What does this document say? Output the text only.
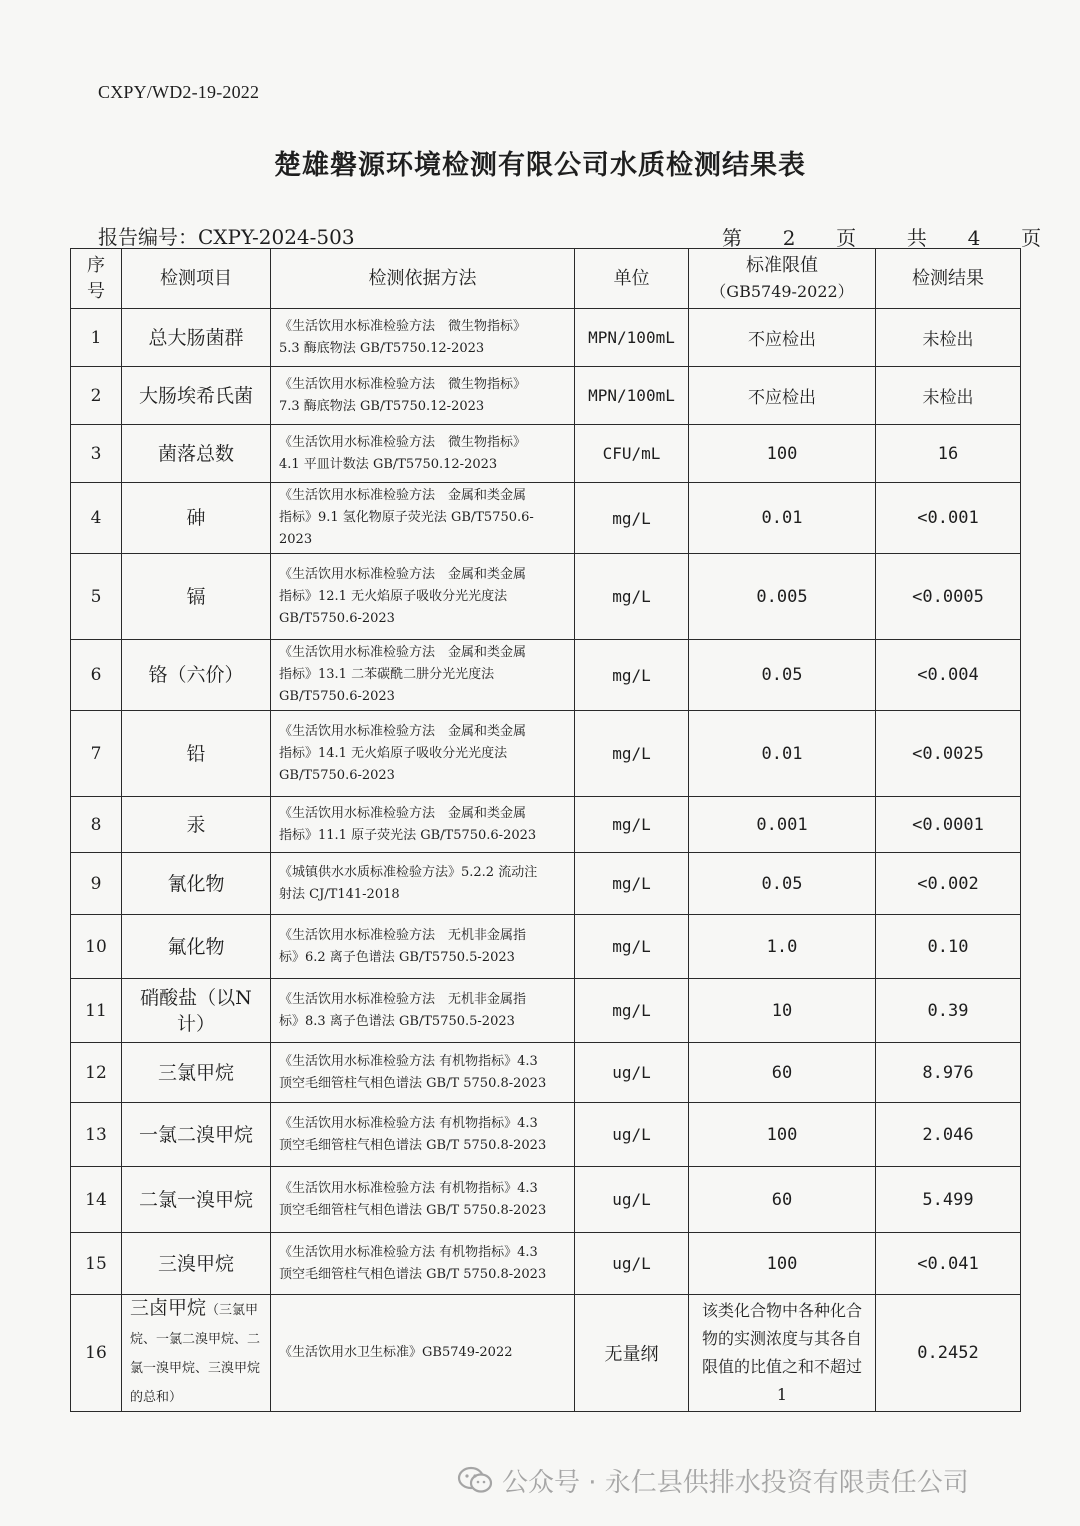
CXPY/WD2-19-2022
楚雄磐源环境检测有限公司水质检测结果表
报告编号：CXPY-2024-503	第 2 页	共 4 页
序号	检测项目	检测依据方法	单位	标准限值
（GB5749-2022）	检测结果
1	总大肠菌群	《生活饮用水标准检验方法　微生物指标》
5.3 酶底物法 GB/T5750.12-2023	MPN/100mL	不应检出	未检出
2	大肠埃希氏菌	《生活饮用水标准检验方法　微生物指标》
7.3 酶底物法 GB/T5750.12-2023	MPN/100mL	不应检出	未检出
3	菌落总数	《生活饮用水标准检验方法　微生物指标》
4.1 平皿计数法 GB/T5750.12-2023	CFU/mL	100	16
4	砷	《生活饮用水标准检验方法　金属和类金属
指标》9.1 氢化物原子荧光法 GB/T5750.6-2023	mg/L	0.01	<0.001
5	镉	《生活饮用水标准检验方法　金属和类金属
指标》12.1 无火焰原子吸收分光光度法
GB/T5750.6-2023	mg/L	0.005	<0.0005
6	铬（六价）	《生活饮用水标准检验方法　金属和类金属
指标》13.1 二苯碳酰二肼分光光度法
GB/T5750.6-2023	mg/L	0.05	<0.004
7	铅	《生活饮用水标准检验方法　金属和类金属
指标》14.1 无火焰原子吸收分光光度法
GB/T5750.6-2023	mg/L	0.01	<0.0025
8	汞	《生活饮用水标准检验方法　金属和类金属
指标》11.1 原子荧光法 GB/T5750.6-2023	mg/L	0.001	<0.0001
9	氰化物	《城镇供水水质标准检验方法》5.2.2 流动注
射法 CJ/T141-2018	mg/L	0.05	<0.002
10	氟化物	《生活饮用水标准检验方法　无机非金属指
标》6.2 离子色谱法 GB/T5750.5-2023	mg/L	1.0	0.10
11	硝酸盐（以N计）	《生活饮用水标准检验方法　无机非金属指
标》8.3 离子色谱法 GB/T5750.5-2023	mg/L	10	0.39
12	三氯甲烷	《生活饮用水标准检验方法 有机物指标》4.3
顶空毛细管柱气相色谱法 GB/T 5750.8-2023	ug/L	60	8.976
13	一氯二溴甲烷	《生活饮用水标准检验方法 有机物指标》4.3
顶空毛细管柱气相色谱法 GB/T 5750.8-2023	ug/L	100	2.046
14	二氯一溴甲烷	《生活饮用水标准检验方法 有机物指标》4.3
顶空毛细管柱气相色谱法 GB/T 5750.8-2023	ug/L	60	5.499
15	三溴甲烷	《生活饮用水标准检验方法 有机物指标》4.3
顶空毛细管柱气相色谱法 GB/T 5750.8-2023	ug/L	100	<0.041
16	三卤甲烷（三氯甲烷、一氯二溴甲烷、二氯一溴甲烷、三溴甲烷的总和）	《生活饮用水卫生标准》GB5749-2022	无量纲	该类化合物中各种化合物的实测浓度与其各自限值的比值之和不超过 1	0.2452
公众号 · 永仁县供排水投资有限责任公司
